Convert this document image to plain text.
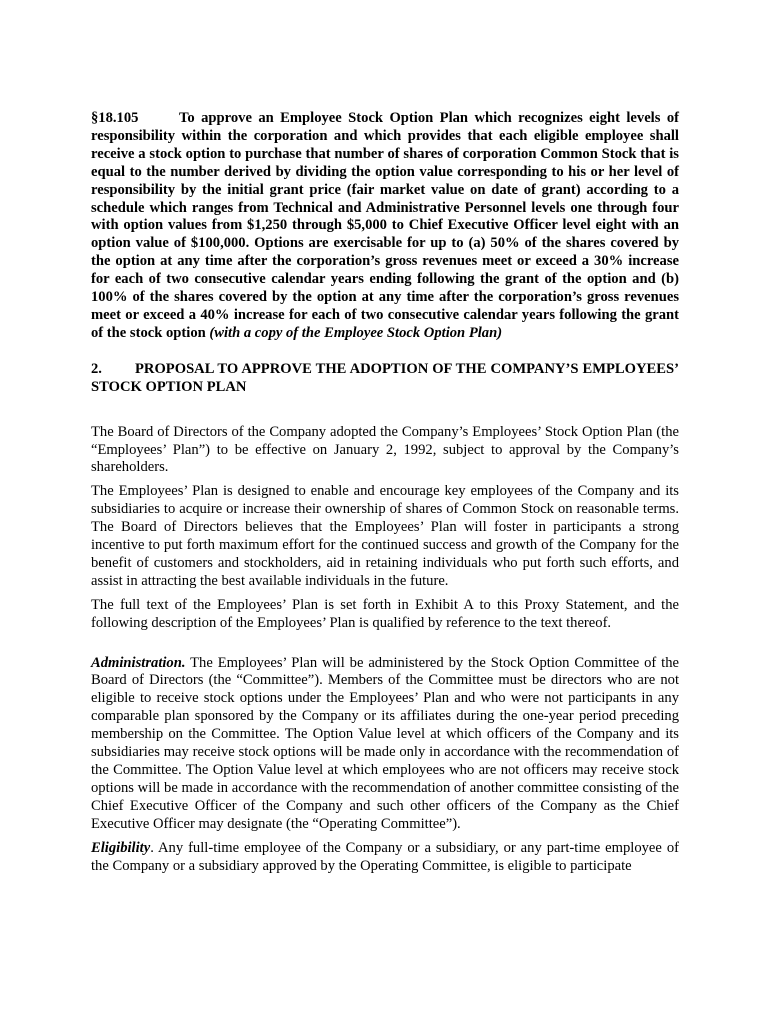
§18.105	To approve an Employee Stock Option Plan which recognizes eight levels of responsibility within the corporation and which provides that each eligible employee shall receive a stock option to purchase that number of shares of corporation Common Stock that is equal to the number derived by dividing the option value corresponding to his or her level of responsibility by the initial grant price (fair market value on date of grant) according to a schedule which ranges from Technical and Administrative Personnel levels one through four with option values from $1,250 through $5,000 to Chief Executive Officer level eight with an option value of $100,000. Options are exercisable for up to (a) 50% of the shares covered by the option at any time after the corporation’s gross revenues meet or exceed a 30% increase for each of two consecutive calendar years ending following the grant of the option and (b) 100% of the shares covered by the option at any time after the corporation’s gross revenues meet or exceed a 40% increase for each of two consecutive calendar years following the grant of the stock option (with a copy of the Employee Stock Option Plan)

2. PROPOSAL TO APPROVE THE ADOPTION OF THE COMPANY’S EMPLOYEES’ STOCK OPTION PLAN

The Board of Directors of the Company adopted the Company’s Employees’ Stock Option Plan (the “Employees’ Plan”) to be effective on January 2, 1992, subject to approval by the Company’s shareholders.

The Employees’ Plan is designed to enable and encourage key employees of the Company and its subsidiaries to acquire or increase their ownership of shares of Common Stock on reasonable terms. The Board of Directors believes that the Employees’ Plan will foster in participants a strong incentive to put forth maximum effort for the continued success and growth of the Company for the benefit of customers and stockholders, aid in retaining individuals who put forth such efforts, and assist in attracting the best available individuals in the future.

The full text of the Employees’ Plan is set forth in Exhibit A to this Proxy Statement, and the following description of the Employees’ Plan is qualified by reference to the text thereof.

Administration. The Employees’ Plan will be administered by the Stock Option Committee of the Board of Directors (the “Committee”). Members of the Committee must be directors who are not eligible to receive stock options under the Employees’ Plan and who were not participants in any comparable plan sponsored by the Company or its affiliates during the one-year period preceding membership on the Committee. The Option Value level at which officers of the Company and its subsidiaries may receive stock options will be made only in accordance with the recommendation of the Committee. The Option Value level at which employees who are not officers may receive stock options will be made in accordance with the recommendation of another committee consisting of the Chief Executive Officer of the Company and such other officers of the Company as the Chief Executive Officer may designate (the “Operating Committee”).

Eligibility. Any full-time employee of the Company or a subsidiary, or any part-time employee of the Company or a subsidiary approved by the Operating Committee, is eligible to participate
